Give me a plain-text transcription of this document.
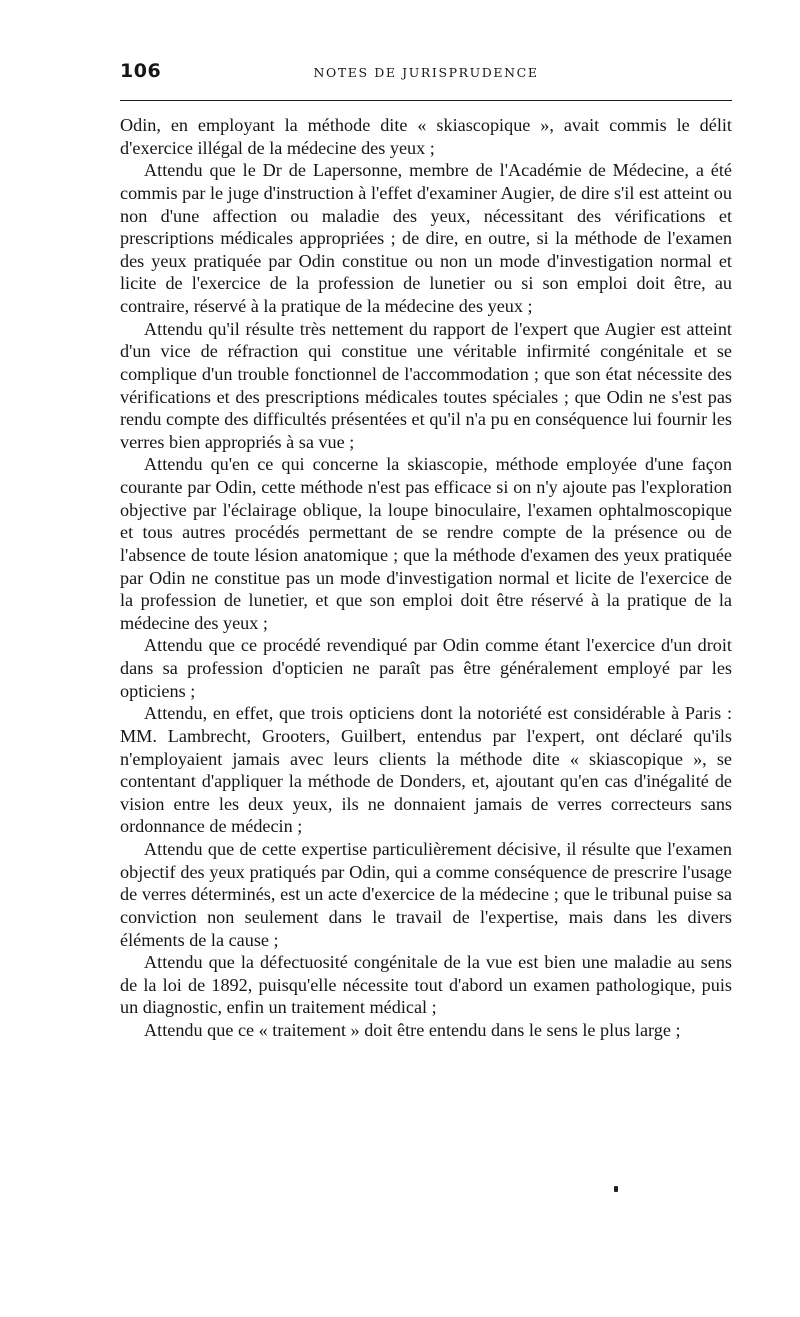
106	NOTES DE JURISPRUDENCE

Odin, en employant la méthode dite « skiascopique », avait commis le délit d'exercice illégal de la médecine des yeux ;

Attendu que le Dr de Lapersonne, membre de l'Académie de Médecine, a été commis par le juge d'instruction à l'effet d'examiner Augier, de dire s'il est atteint ou non d'une affection ou maladie des yeux, nécessitant des vérifications et prescriptions médicales appropriées ; de dire, en outre, si la méthode de l'examen des yeux pratiquée par Odin constitue ou non un mode d'investigation normal et licite de l'exercice de la profession de lunetier ou si son emploi doit être, au contraire, réservé à la pratique de la médecine des yeux ;

Attendu qu'il résulte très nettement du rapport de l'expert que Augier est atteint d'un vice de réfraction qui constitue une véritable infirmité congénitale et se complique d'un trouble fonctionnel de l'accommodation ; que son état nécessite des vérifications et des prescriptions médicales toutes spéciales ; que Odin ne s'est pas rendu compte des difficultés présentées et qu'il n'a pu en conséquence lui fournir les verres bien appropriés à sa vue ;

Attendu qu'en ce qui concerne la skiascopie, méthode employée d'une façon courante par Odin, cette méthode n'est pas efficace si on n'y ajoute pas l'exploration objective par l'éclairage oblique, la loupe binoculaire, l'examen ophtalmoscopique et tous autres procédés permettant de se rendre compte de la présence ou de l'absence de toute lésion anatomique ; que la méthode d'examen des yeux pratiquée par Odin ne constitue pas un mode d'investigation normal et licite de l'exercice de la profession de lunetier, et que son emploi doit être réservé à la pratique de la médecine des yeux ;

Attendu que ce procédé revendiqué par Odin comme étant l'exercice d'un droit dans sa profession d'opticien ne paraît pas être généralement employé par les opticiens ;

Attendu, en effet, que trois opticiens dont la notoriété est considérable à Paris : MM. Lambrecht, Grooters, Guilbert, entendus par l'expert, ont déclaré qu'ils n'employaient jamais avec leurs clients la méthode dite « skiascopique », se contentant d'appliquer la méthode de Donders, et, ajoutant qu'en cas d'inégalité de vision entre les deux yeux, ils ne donnaient jamais de verres correcteurs sans ordonnance de médecin ;

Attendu que de cette expertise particulièrement décisive, il résulte que l'examen objectif des yeux pratiqués par Odin, qui a comme conséquence de prescrire l'usage de verres déterminés, est un acte d'exercice de la médecine ; que le tribunal puise sa conviction non seulement dans le travail de l'expertise, mais dans les divers éléments de la cause ;

Attendu que la défectuosité congénitale de la vue est bien une maladie au sens de la loi de 1892, puisqu'elle nécessite tout d'abord un examen pathologique, puis un diagnostic, enfin un traitement médical ;

Attendu que ce « traitement » doit être entendu dans le sens le plus large ;
